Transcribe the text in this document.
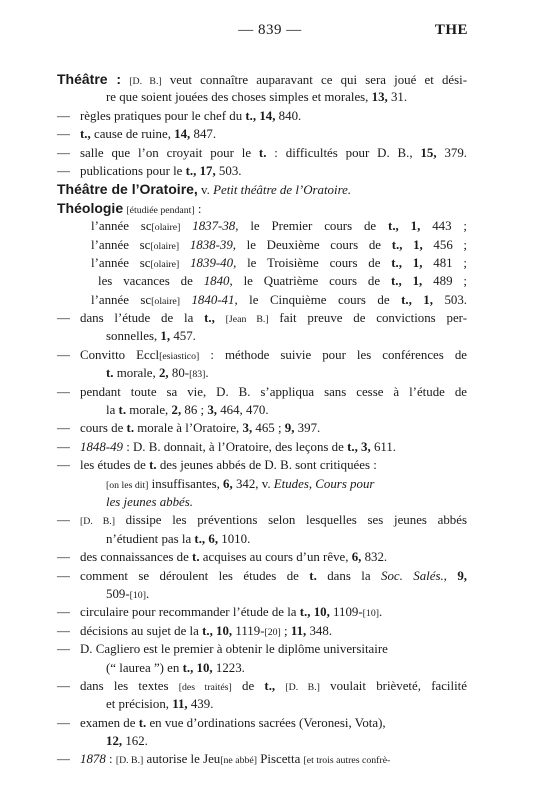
— 839 —	THE
Théâtre : [D. B.] veut connaître auparavant ce qui sera joué et dési-
re que soient jouées des choses simples et morales, 13, 31.
— règles pratiques pour le chef du t., 14, 840.
— t., cause de ruine, 14, 847.
— salle que l’on croyait pour le t. : difficultés pour D. B., 15, 379.
— publications pour le t., 17, 503.
Théâtre de l’Oratoire, v. Petit théâtre de l’Oratoire.
Théologie [étudiée pendant] :
l’année sc[olaire] 1837-38, le Premier cours de t., 1, 443 ;
l’année sc[olaire] 1838-39, le Deuxième cours de t., 1, 456 ;
l’année sc[olaire] 1839-40, le Troisième cours de t., 1, 481 ;
les vacances de 1840, le Quatrième cours de t., 1, 489 ;
l’année sc[olaire] 1840-41, le Cinquième cours de t., 1, 503.
— dans l’étude de la t., [Jean B.] fait preuve de convictions per-
sonnelles, 1, 457.
— Convitto Eccl[esiastico] : méthode suivie pour les conférences de
t. morale, 2, 80-[83].
— pendant toute sa vie, D. B. s’appliqua sans cesse à l’étude de
la t. morale, 2, 86 ; 3, 464, 470.
— cours de t. morale à l’Oratoire, 3, 465 ; 9, 397.
— 1848-49 : D. B. donnait, à l’Oratoire, des leçons de t., 3, 611.
— les études de t. des jeunes abbés de D. B. sont critiquées :
[on les dit] insuffisantes, 6, 342, v. Etudes, Cours pour
les jeunes abbés.
— [D. B.] dissipe les préventions selon lesquelles ses jeunes abbés
n’étudient pas la t., 6, 1010.
— des connaissances de t. acquises au cours d’un rêve, 6, 832.
— comment se déroulent les études de t. dans la Soc. Salés., 9,
509-[10].
— circulaire pour recommander l’étude de la t., 10, 1109-[10].
— décisions au sujet de la t., 10, 1119-[20] ; 11, 348.
— D. Cagliero est le premier à obtenir le diplôme universitaire
(“ laurea ”) en t., 10, 1223.
— dans les textes [des traités] de t., [D. B.] voulait brièveté, facilité
et précision, 11, 439.
— examen de t. en vue d’ordinations sacrées (Veronesi, Vota),
12, 162.
— 1878 : [D. B.] autorise le Jeu[ne abbé] Piscetta [et trois autres confrè-
